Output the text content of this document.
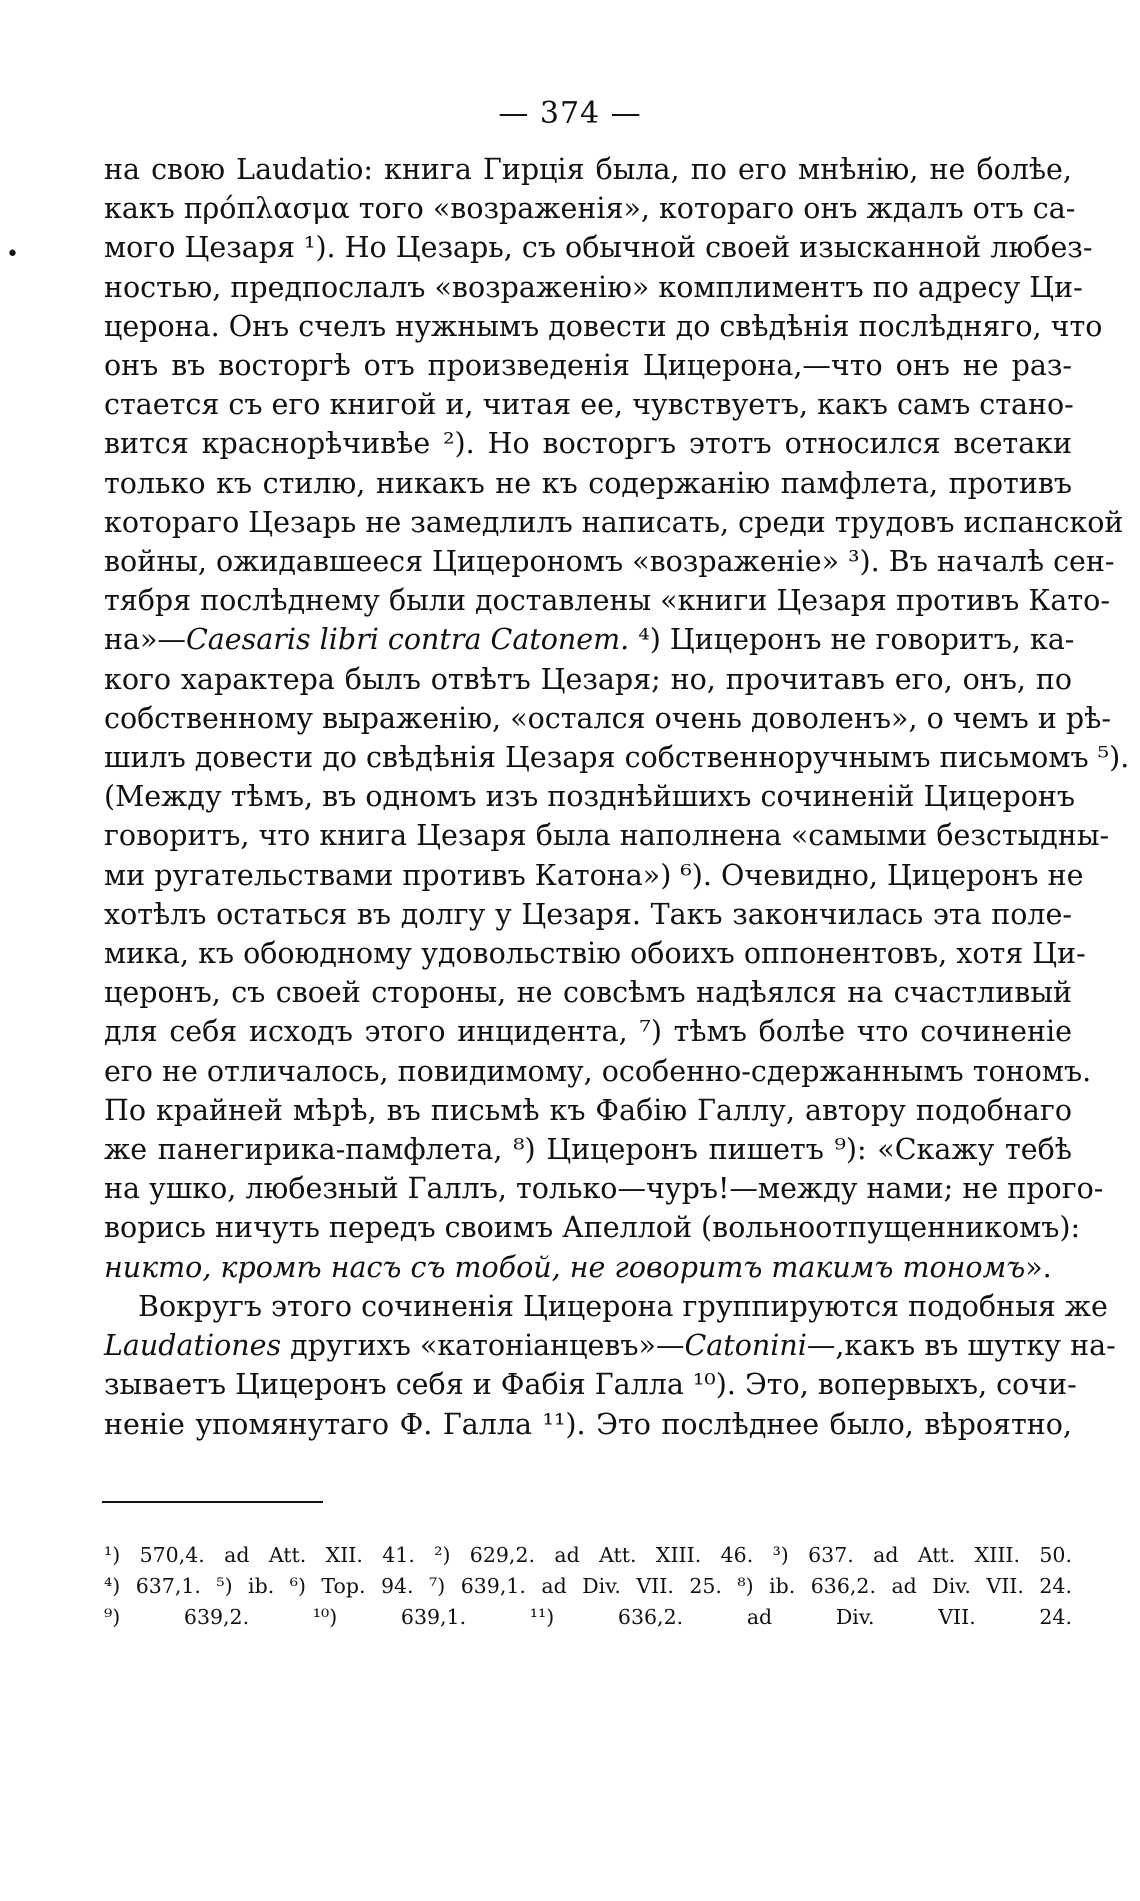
— 374 —
•
на свою Laudatio: книга Гирція была, по его мнѣнію, не болѣе,
какъ πρόπλασμα того «возраженія», котораго онъ ждалъ отъ са-
мого Цезаря ¹). Но Цезарь, съ обычной своей изысканной любез-
ностью, предпослалъ «возраженію» комплиментъ по адресу Ци-
церона. Онъ счелъ нужнымъ довести до свѣдѣнія послѣдняго, что
онъ въ восторгѣ отъ произведенія Цицерона,—что онъ не раз-
стается съ его книгой и, читая ее, чувствуетъ, какъ самъ стано-
вится краснорѣчивѣе ²). Но восторгъ этотъ относился всетаки
только къ стилю, никакъ не къ содержанію памфлета, противъ
котораго Цезарь не замедлилъ написать, среди трудовъ испанской
войны, ожидавшееся Цицерономъ «возраженіе» ³). Въ началѣ сен-
тября послѣднему были доставлены «книги Цезаря противъ Като-
на»—Caesaris libri contra Catonem. ⁴) Цицеронъ не говоритъ, ка-
кого характера былъ отвѣтъ Цезаря; но, прочитавъ его, онъ, по
собственному выраженію, «остался очень доволенъ», о чемъ и рѣ-
шилъ довести до свѣдѣнія Цезаря собственноручнымъ письмомъ ⁵).
(Между тѣмъ, въ одномъ изъ позднѣйшихъ сочиненій Цицеронъ
говоритъ, что книга Цезаря была наполнена «самыми безстыдны-
ми ругательствами противъ Катона») ⁶). Очевидно, Цицеронъ не
хотѣлъ остаться въ долгу у Цезаря. Такъ закончилась эта поле-
мика, къ обоюдному удовольствію обоихъ оппонентовъ, хотя Ци-
церонъ, съ своей стороны, не совсѣмъ надѣялся на счастливый
для себя исходъ этого инцидента, ⁷) тѣмъ болѣе что сочиненіе
его не отличалось, повидимому, особенно-сдержаннымъ тономъ.
По крайней мѣрѣ, въ письмѣ къ Фабію Галлу, автору подобнаго
же панегирика-памфлета, ⁸) Цицеронъ пишетъ ⁹): «Скажу тебѣ
на ушко, любезный Галлъ, только—чуръ!—между нами; не прого-
ворись ничуть передъ своимъ Апеллой (вольноотпущенникомъ):
никто, кромѣ насъ съ тобой, не говоритъ такимъ тономъ».
Вокругъ этого сочиненія Цицерона группируются подобныя же
Laudationes другихъ «катоніанцевъ»—Catonini—,какъ въ шутку на-
зываетъ Цицеронъ себя и Фабія Галла ¹⁰). Это, вопервыхъ, сочи-
неніе упомянутаго Ф. Галла ¹¹). Это послѣднее было, вѣроятно,
¹) 570,4. ad Att. XII. 41. ²) 629,2. ad Att. XIII. 46. ³) 637. ad Att. XIII. 50.
⁴) 637,1. ⁵) ib. ⁶) Top. 94. ⁷) 639,1. ad Div. VII. 25. ⁸) ib. 636,2. ad Div. VII. 24.
⁹) 639,2. ¹⁰) 639,1. ¹¹) 636,2. ad Div. VII. 24.
